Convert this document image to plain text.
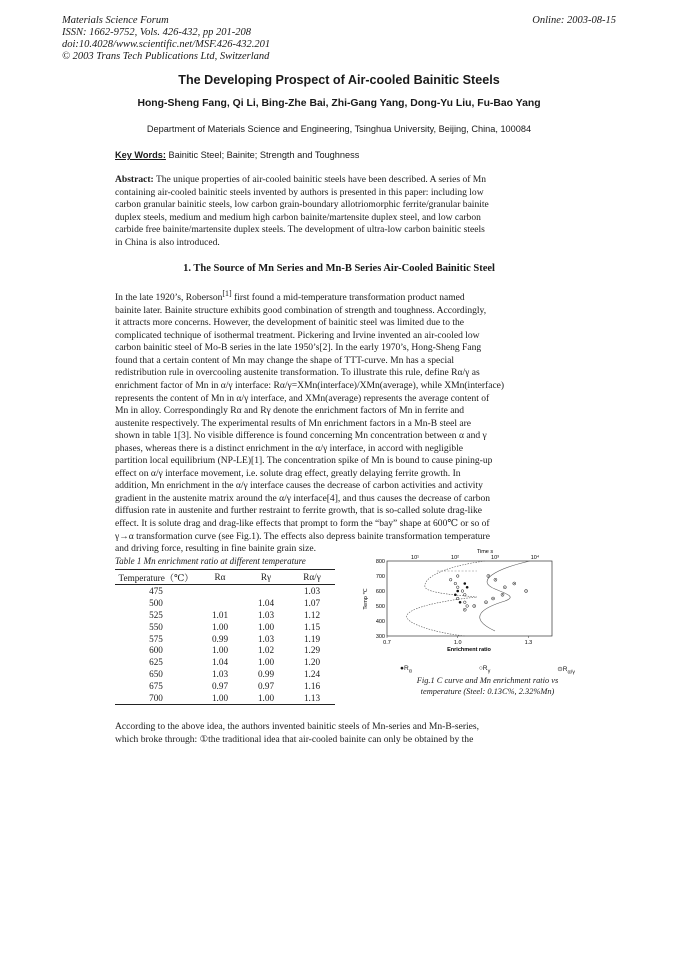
Materials Science Forum
ISSN: 1662-9752, Vols. 426-432, pp 201-208
doi:10.4028/www.scientific.net/MSF.426-432.201
© 2003 Trans Tech Publications Ltd, Switzerland
Online: 2003-08-15
The Developing Prospect of Air-cooled Bainitic Steels
Hong-Sheng Fang, Qi Li, Bing-Zhe Bai, Zhi-Gang Yang, Dong-Yu Liu, Fu-Bao Yang
Department of Materials Science and Engineering, Tsinghua University, Beijing, China, 100084
Key Words: Bainitic Steel; Bainite; Strength and Toughness
Abstract: The unique properties of air-cooled bainitic steels have been described. A series of Mn
containing air-cooled bainitic steels invented by authors is presented in this paper: including low
carbon granular bainitic steels, low carbon grain-boundary allotriomorphic ferrite/granular bainite
duplex steels, medium and medium high carbon bainite/martensite duplex steel, and low carbon
carbide free bainite/martensite duplex steels. The development of ultra-low carbon bainitic steels
in China is also introduced.
1. The Source of Mn Series and Mn-B Series Air-Cooled Bainitic Steel
In the late 1920’s, Roberson[1] first found a mid-temperature transformation product named
bainite later. Bainite structure exhibits good combination of strength and toughness. Accordingly,
it attracts more concerns. However, the development of bainitic steel was limited due to the
complicated technique of isothermal treatment. Pickering and Irvine invented an air-cooled low
carbon bainitic steel of Mo-B series in the late 1950’s[2]. In the early 1970’s, Hong-Sheng Fang
found that a certain content of Mn may change the shape of TTT-curve. Mn has a special
redistribution rule in overcooling austenite transformation. To illustrate this rule, define Rα/γ as
enrichment factor of Mn in α/γ interface: Rα/γ=XMn(interface)/XMn(average), while XMn(interface)
represents the content of Mn in α/γ interface, and XMn(average) represents the average content of
Mn in alloy. Correspondingly Rα and Rγ denote the enrichment factors of Mn in ferrite and
austenite respectively. The experimental results of Mn enrichment factors in a Mn-B steel are
shown in table 1[3]. No visible difference is found concerning Mn concentration between α and γ
phases, whereas there is a distinct enrichment in the α/γ interface, in accord with negligible
partition local equilibrium (NP-LE)[1]. The concentration spike of Mn is bound to cause pining-up
effect on α/γ interface movement, i.e. solute drag effect, greatly delaying ferrite growth. In
addition, Mn enrichment in the α/γ interface causes the decrease of carbon activities and activity
gradient in the austenite matrix around the α/γ interface[4], and thus causes the decrease of carbon
diffusion rate in austenite and further restraint to ferrite growth, that is so-called solute drag-like
effect. It is solute drag and drag-like effects that prompt to form the “bay” shape at 600℃ or so of
γ→α transformation curve (see Fig.1). The effects also depress bainite transformation temperature
and driving force, resulting in fine bainite grain size.
Table 1 Mn enrichment ratio at different temperature
Temperature（℃）	Rα	Rγ	Rα/γ
475			1.03
500		1.04	1.07
525	1.01	1.03	1.12
550	1.00	1.00	1.15
575	0.99	1.03	1.19
600	1.00	1.02	1.29
625	1.04	1.00	1.20
650	1.03	0.99	1.24
675	0.97	0.97	1.16
700	1.00	1.00	1.13
Time s
10¹	10²	10³	10⁴
Temp ℃
800
700
600
500
400
300
0.7	1.0	1.3
Enrichment ratio
$●R_\alpha$	$○R_\gamma$	$⊙R_{\alpha/\gamma}$
Fig.1 C curve and Mn enrichment ratio vs
temperature (Steel: 0.13C%, 2.32%Mn)
According to the above idea, the authors invented bainitic steels of Mn-series and Mn-B-series,
which broke through: ①the traditional idea that air-cooled bainite can only be obtained by the
